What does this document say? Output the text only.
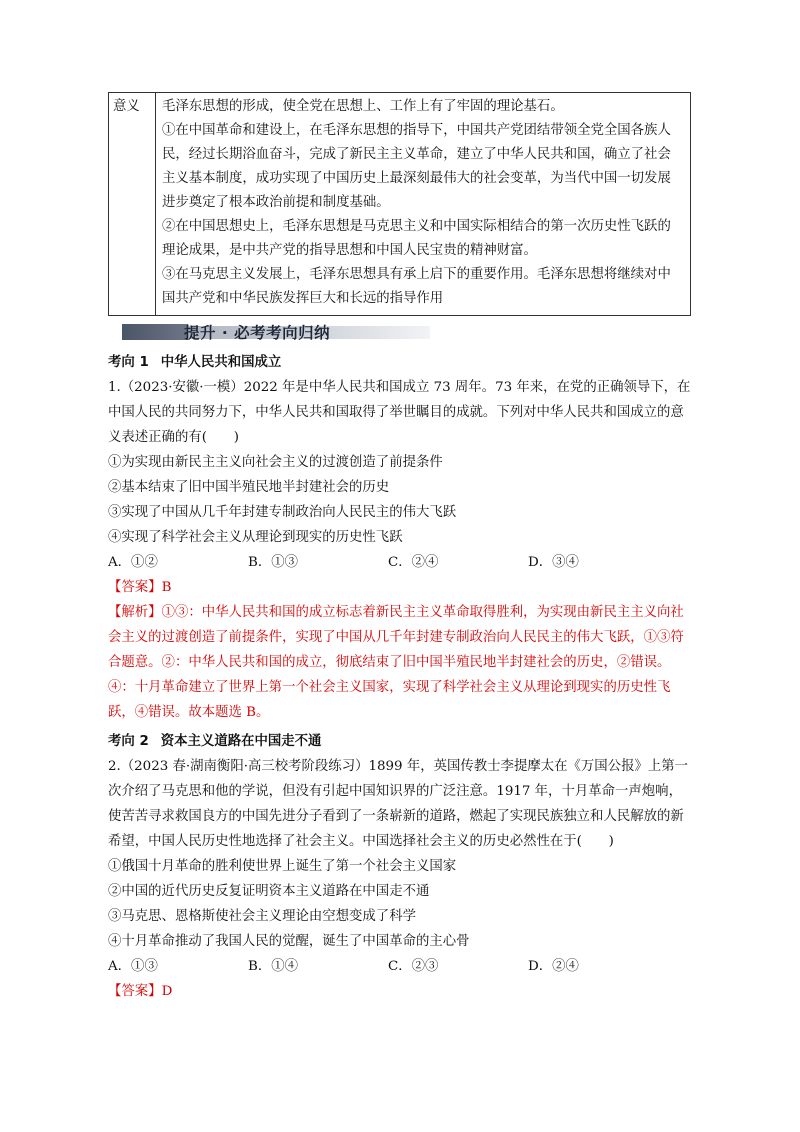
意义	毛泽东思想的形成，使全党在思想上、工作上有了牢固的理论基石。

①在中国革命和建设上，在毛泽东思想的指导下，中国共产党团结带领全党全国各族人民，经过长期浴血奋斗，完成了新民主主义革命，建立了中华人民共和国，确立了社会主义基本制度，成功实现了中国历史上最深刻最伟大的社会变革，为当代中国一切发展进步奠定了根本政治前提和制度基础。

②在中国思想史上，毛泽东思想是马克思主义和中国实际相结合的第一次历史性飞跃的理论成果，是中共产党的指导思想和中国人民宝贵的精神财富。

③在马克思主义发展上，毛泽东思想具有承上启下的重要作用。毛泽东思想将继续对中国共产党和中华民族发挥巨大和长远的指导作用

提升 · 必考考向归纳

考向 1 中华人民共和国成立

1.（2023·安徽·一模）2022 年是中华人民共和国成立 73 周年。73 年来，在党的正确领导下，在中国人民的共同努力下，中华人民共和国取得了举世瞩目的成就。下列对中华人民共和国成立的意义表述正确的有(　　)

①为实现由新民主主义向社会主义的过渡创造了前提条件

②基本结束了旧中国半殖民地半封建社会的历史

③实现了中国从几千年封建专制政治向人民民主的伟大飞跃

④实现了科学社会主义从理论到现实的历史性飞跃

A．①②	B．①③	C．②④	D．③④

【答案】B

【解析】①③：中华人民共和国的成立标志着新民主主义革命取得胜利，为实现由新民主主义向社会主义的过渡创造了前提条件，实现了中国从几千年封建专制政治向人民民主的伟大飞跃，①③符合题意。②：中华人民共和国的成立，彻底结束了旧中国半殖民地半封建社会的历史，②错误。④：十月革命建立了世界上第一个社会主义国家，实现了科学社会主义从理论到现实的历史性飞跃，④错误。故本题选 B。

考向 2 资本主义道路在中国走不通

2.（2023 春·湖南衡阳·高三校考阶段练习）1899 年，英国传教士李提摩太在《万国公报》上第一次介绍了马克思和他的学说，但没有引起中国知识界的广泛注意。1917 年，十月革命一声炮响，使苦苦寻求救国良方的中国先进分子看到了一条崭新的道路，燃起了实现民族独立和人民解放的新希望，中国人民历史性地选择了社会主义。中国选择社会主义的历史必然性在于(　　)

①俄国十月革命的胜利使世界上诞生了第一个社会主义国家

②中国的近代历史反复证明资本主义道路在中国走不通

③马克思、恩格斯使社会主义理论由空想变成了科学

④十月革命推动了我国人民的觉醒，诞生了中国革命的主心骨

A．①③	B．①④	C．②③	D．②④

【答案】D
